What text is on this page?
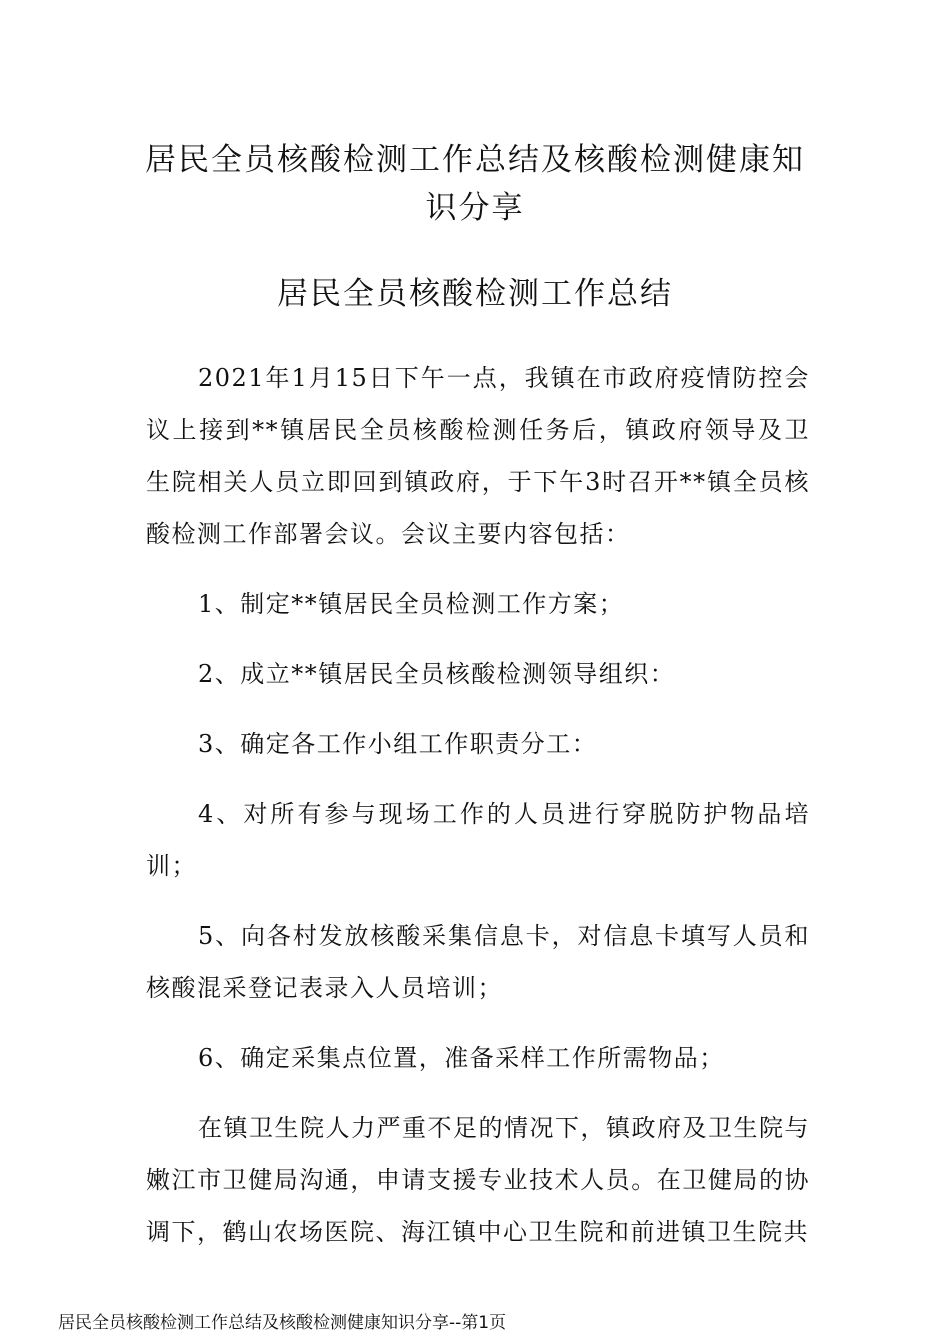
居民全员核酸检测工作总结及核酸检测健康知识分享
居民全员核酸检测工作总结

2021年1月15日下午一点，我镇在市政府疫情防控会议上接到**镇居民全员核酸检测任务后，镇政府领导及卫生院相关人员立即回到镇政府，于下午3时召开**镇全员核酸检测工作部署会议。会议主要内容包括：

1、制定**镇居民全员检测工作方案；

2、成立**镇居民全员核酸检测领导组织：

3、确定各工作小组工作职责分工：

4、对所有参与现场工作的人员进行穿脱防护物品培训；

5、向各村发放核酸采集信息卡，对信息卡填写人员和核酸混采登记表录入人员培训；

6、确定采集点位置，准备采样工作所需物品；

在镇卫生院人力严重不足的情况下，镇政府及卫生院与嫩江市卫健局沟通，申请支援专业技术人员。在卫健局的协调下，鹤山农场医院、海江镇中心卫生院和前进镇卫生院共

居民全员核酸检测工作总结及核酸检测健康知识分享--第1页
